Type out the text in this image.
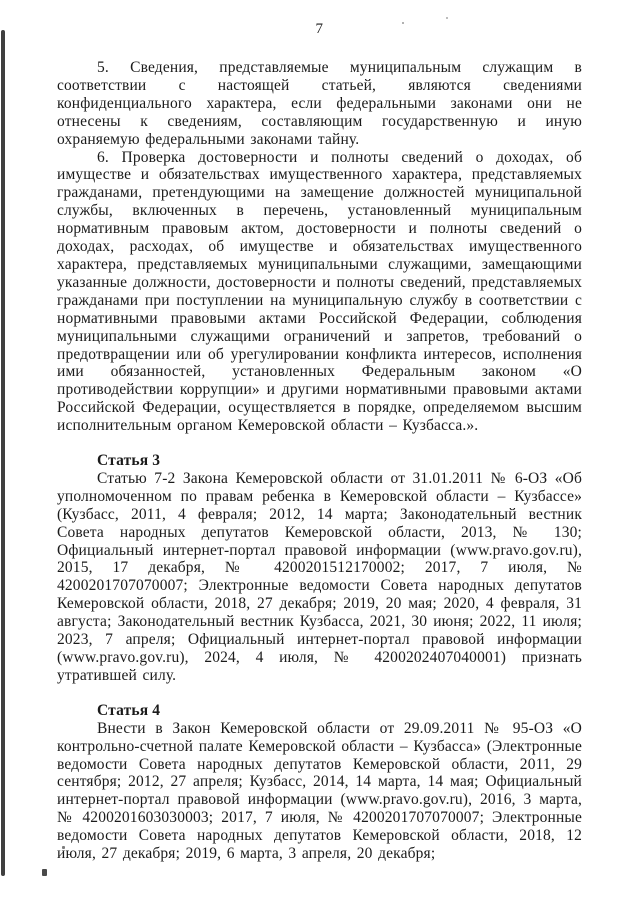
7

5. Сведения, представляемые муниципальным служащим в соответствии с настоящей статьей, являются сведениями конфиденциального характера, если федеральными законами они не отнесены к сведениям, составляющим государственную и иную охраняемую федеральными законами тайну.

6. Проверка достоверности и полноты сведений о доходах, об имуществе и обязательствах имущественного характера, представляемых гражданами, претендующими на замещение должностей муниципальной службы, включенных в перечень, установленный муниципальным нормативным правовым актом, достоверности и полноты сведений о доходах, расходах, об имуществе и обязательствах имущественного характера, представляемых муниципальными служащими, замещающими указанные должности, достоверности и полноты сведений, представляемых гражданами при поступлении на муниципальную службу в соответствии с нормативными правовыми актами Российской Федерации, соблюдения муниципальными служащими ограничений и запретов, требований о предотвращении или об урегулировании конфликта интересов, исполнения ими обязанностей, установленных Федеральным законом «О противодействии коррупции» и другими нормативными правовыми актами Российской Федерации, осуществляется в порядке, определяемом высшим исполнительным органом Кемеровской области – Кузбасса.».

Статья 3

Статью 7-2 Закона Кемеровской области от 31.01.2011 № 6-ОЗ «Об уполномоченном по правам ребенка в Кемеровской области – Кузбассе» (Кузбасс, 2011, 4 февраля; 2012, 14 марта; Законодательный вестник Совета народных депутатов Кемеровской области, 2013, № 130; Официальный интернет-портал правовой информации (www.pravo.gov.ru), 2015, 17 декабря, № 4200201512170002; 2017, 7 июля, № 4200201707070007; Электронные ведомости Совета народных депутатов Кемеровской области, 2018, 27 декабря; 2019, 20 мая; 2020, 4 февраля, 31 августа; Законодательный вестник Кузбасса, 2021, 30 июня; 2022, 11 июля; 2023, 7 апреля; Официальный интернет-портал правовой информации (www.pravo.gov.ru), 2024, 4 июля, № 4200202407040001) признать утратившей силу.

Статья 4

Внести в Закон Кемеровской области от 29.09.2011 № 95-ОЗ «О контрольно-счетной палате Кемеровской области – Кузбасса» (Электронные ведомости Совета народных депутатов Кемеровской области, 2011, 29 сентября; 2012, 27 апреля; Кузбасс, 2014, 14 марта, 14 мая; Официальный интернет-портал правовой информации (www.pravo.gov.ru), 2016, 3 марта, № 4200201603030003; 2017, 7 июля, № 4200201707070007; Электронные ведомости Совета народных депутатов Кемеровской области, 2018, 12 июля, 27 декабря; 2019, 6 марта, 3 апреля, 20 декабря;
